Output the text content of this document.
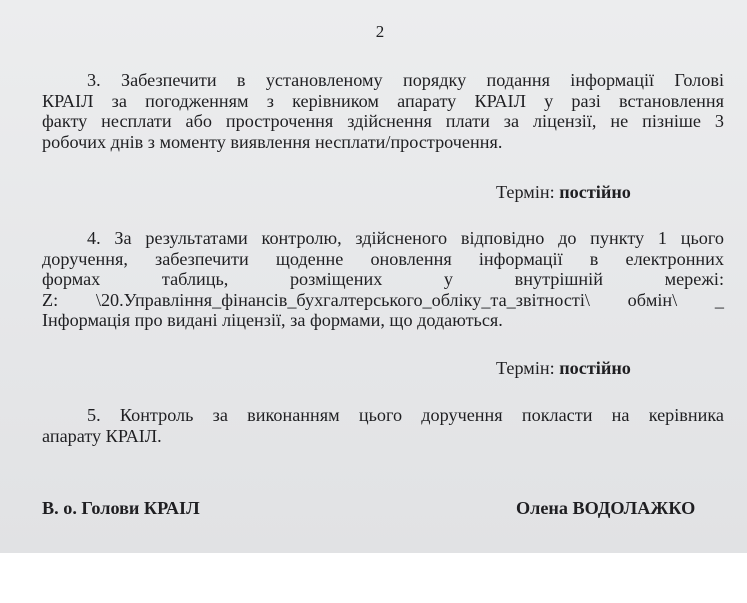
2
3. Забезпечити в установленому порядку подання інформації Голові
КРАІЛ за погодженням з керівником апарату КРАІЛ у разі встановлення
факту несплати або прострочення здійснення плати за ліцензії, не пізніше 3
робочих днів з моменту виявлення несплати/прострочення.
Термін: постійно
4. За результатами контролю, здійсненого відповідно до пункту 1 цього
доручення, забезпечити щоденне оновлення інформації в електронних
формах таблиць, розміщених у внутрішній мережі:
Z: \20.Управління_фінансів_бухгалтерського_обліку_та_звітності\ обмін\ _
Інформація про видані ліцензії, за формами, що додаються.
Термін: постійно
5. Контроль за виконанням цього доручення покласти на керівника
апарату КРАІЛ.
В. о. Голови КРАІЛ	Олена ВОДОЛАЖКО
